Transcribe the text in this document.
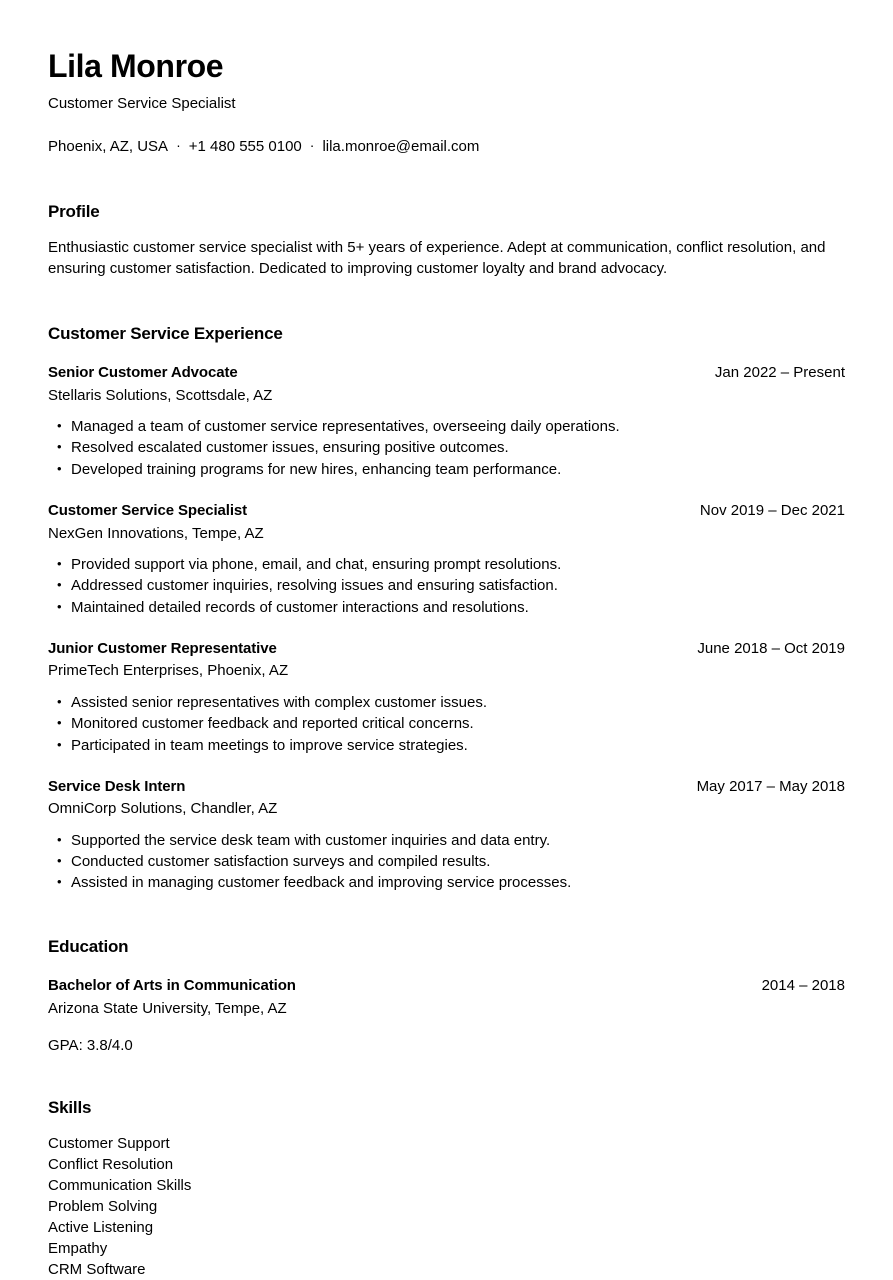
Lila Monroe
Customer Service Specialist
Phoenix, AZ, USA · +1 480 555 0100 · lila.monroe@email.com
Profile

Enthusiastic customer service specialist with 5+ years of experience. Adept at communication, conflict resolution, and ensuring customer satisfaction. Dedicated to improving customer loyalty and brand advocacy.

Customer Service Experience
Senior Customer Advocate	Jan 2022 – Present
Stellaris Solutions, Scottsdale, AZ
• Managed a team of customer service representatives, overseeing daily operations.
• Resolved escalated customer issues, ensuring positive outcomes.
• Developed training programs for new hires, enhancing team performance.
Customer Service Specialist	Nov 2019 – Dec 2021
NexGen Innovations, Tempe, AZ
• Provided support via phone, email, and chat, ensuring prompt resolutions.
• Addressed customer inquiries, resolving issues and ensuring satisfaction.
• Maintained detailed records of customer interactions and resolutions.
Junior Customer Representative	June 2018 – Oct 2019
PrimeTech Enterprises, Phoenix, AZ
• Assisted senior representatives with complex customer issues.
• Monitored customer feedback and reported critical concerns.
• Participated in team meetings to improve service strategies.
Service Desk Intern	May 2017 – May 2018
OmniCorp Solutions, Chandler, AZ
• Supported the service desk team with customer inquiries and data entry.
• Conducted customer satisfaction surveys and compiled results.
• Assisted in managing customer feedback and improving service processes.
Education
Bachelor of Arts in Communication	2014 – 2018
Arizona State University, Tempe, AZ
GPA: 3.8/4.0
Skills
Customer Support
Conflict Resolution
Communication Skills
Problem Solving
Active Listening
Empathy
CRM Software
